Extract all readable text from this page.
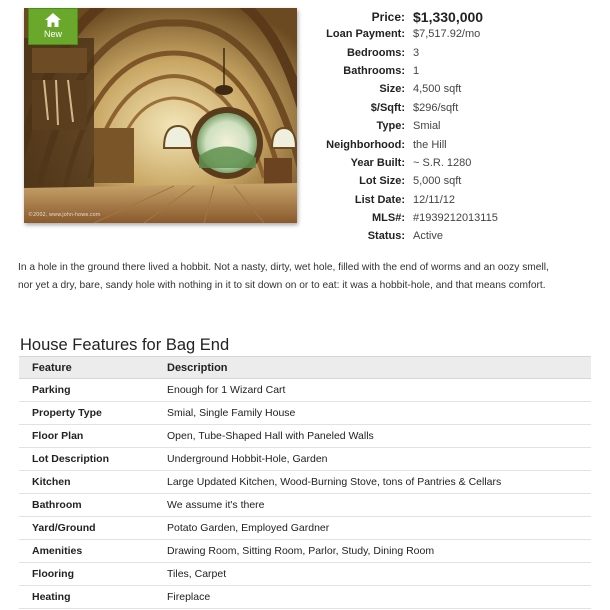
©2002, www.john-howe.com
New
Price: $1,330,000
Loan Payment: $7,517.92/mo
Bedrooms: 3
Bathrooms: 1
Size: 4,500 sqft
$/Sqft: $296/sqft
Type: Smial
Neighborhood: the Hill
Year Built: ~ S.R. 1280
Lot Size: 5,000 sqft
List Date: 12/11/12
MLS#: #1939212013115
Status: Active
In a hole in the ground there lived a hobbit. Not a nasty, dirty, wet hole, filled with the end of worms and an oozy smell,
nor yet a dry, bare, sandy hole with nothing in it to sit down on or to eat: it was a hobbit-hole, and that means comfort.
House Features for Bag End
Feature	Description
Parking	Enough for 1 Wizard Cart
Property Type	Smial, Single Family House
Floor Plan	Open, Tube-Shaped Hall with Paneled Walls
Lot Description	Underground Hobbit-Hole, Garden
Kitchen	Large Updated Kitchen, Wood-Burning Stove, tons of Pantries & Cellars
Bathroom	We assume it's there
Yard/Ground	Potato Garden, Employed Gardner
Amenities	Drawing Room, Sitting Room, Parlor, Study, Dining Room
Flooring	Tiles, Carpet
Heating	Fireplace
